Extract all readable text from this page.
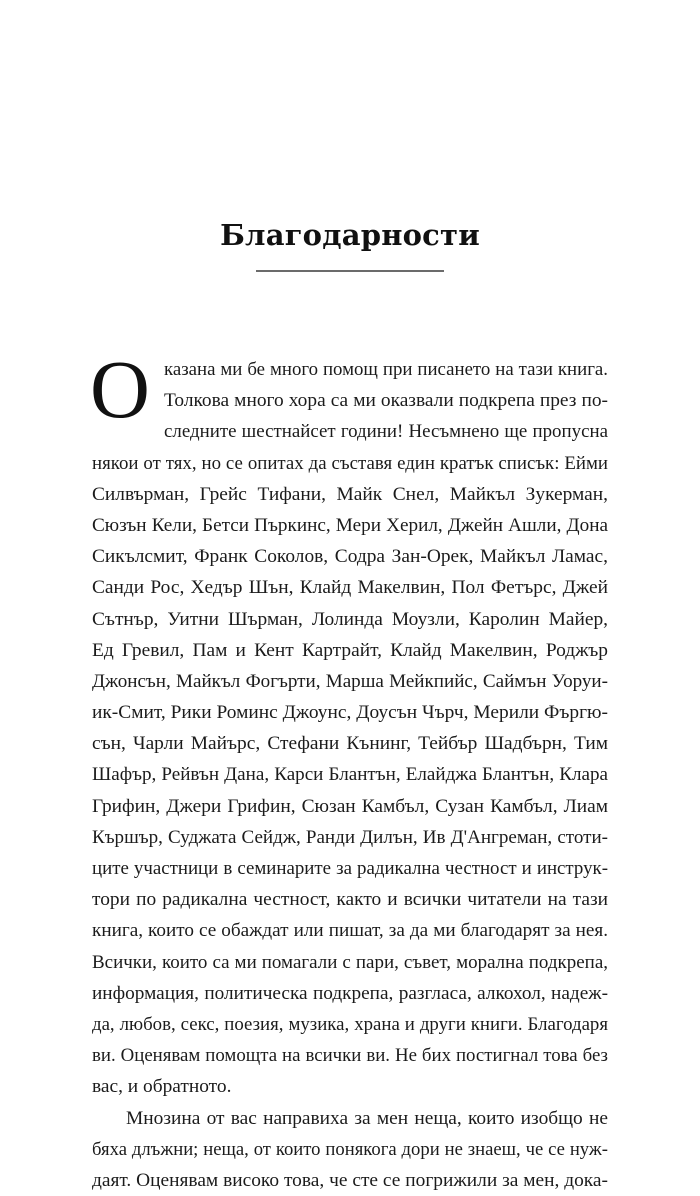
Благодарности
О казана ми бе много помощ при писането на тази книга.
Толкова много хора са ми оказвали подкрепа през по-
следните шестнайсет години! Несъмнено ще пропусна
някои от тях, но се опитах да съставя един кратък списък: Ейми
Силвърман, Грейс Тифани, Майк Снел, Майкъл Зукерман,
Сюзън Кели, Бетси Пъркинс, Мери Херил, Джейн Ашли, Дона
Сикълсмит, Франк Соколов, Содра Зан-Орек, Майкъл Ламас,
Санди Рос, Хедър Шън, Клайд Макелвин, Пол Фетърс, Джей
Сътнър, Уитни Шърман, Лолинда Моузли, Каролин Майер,
Ед Гревил, Пам и Кент Картрайт, Клайд Макелвин, Роджър
Джонсън, Майкъл Фогърти, Марша Мейкпийс, Саймън Уоруи-
ик-Смит, Рики Роминс Джоунс, Доусън Чърч, Мерили Фъргю-
сън, Чарли Майърс, Стефани Кънинг, Тейбър Шадбърн, Тим
Шафър, Рейвън Дана, Карси Блантън, Елайджа Блантън, Клара
Грифин, Джери Грифин, Сюзан Камбъл, Сузан Камбъл, Лиам
Кършър, Суджата Сейдж, Ранди Дилън, Ив Д'Ангреман, стоти-
ците участници в семинарите за радикална честност и инструк-
тори по радикална честност, както и всички читатели на тази
книга, които се обаждат или пишат, за да ми благодарят за нея.
Всички, които са ми помагали с пари, съвет, морална подкрепа,
информация, политическа подкрепа, разгласа, алкохол, надеж-
да, любов, секс, поезия, музика, храна и други книги. Благодаря
ви. Оценявам помощта на всички ви. Не бих постигнал това без
вас, и обратното.
Мнозина от вас направиха за мен неща, които изобщо не
бяха длъжни; неща, от които понякога дори не знаеш, че се нуж-
даят. Оценявам високо това, че сте се погрижили за мен, дока-
